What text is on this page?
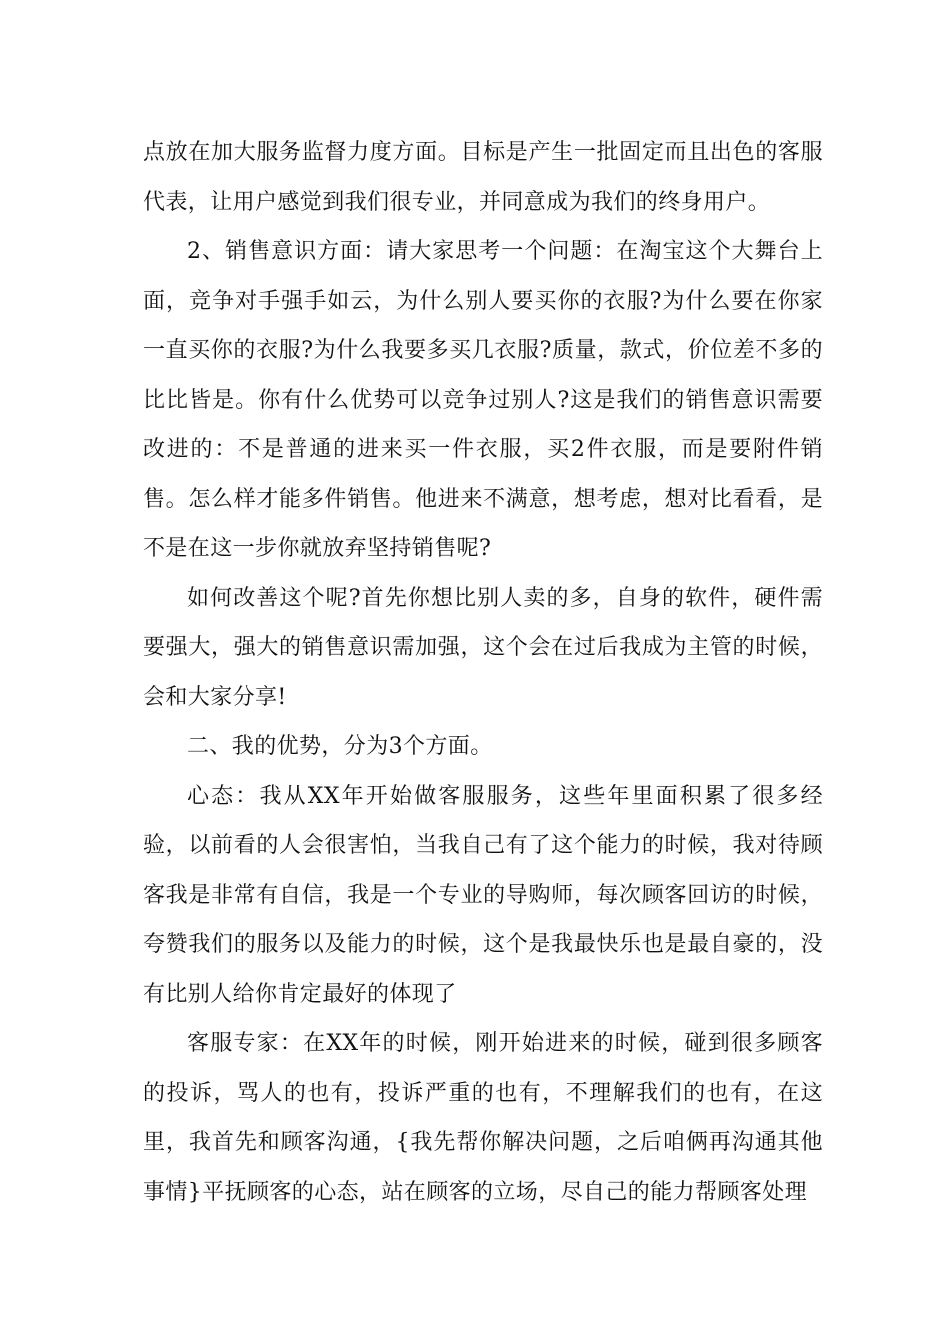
点放在加大服务监督力度方面。目标是产生一批固定而且出色的客服代表，让用户感觉到我们很专业，并同意成为我们的终身用户。

2、销售意识方面：请大家思考一个问题：在淘宝这个大舞台上面，竞争对手强手如云，为什么别人要买你的衣服?为什么要在你家一直买你的衣服?为什么我要多买几衣服?质量，款式，价位差不多的比比皆是。你有什么优势可以竞争过别人?这是我们的销售意识需要改进的：不是普通的进来买一件衣服，买2件衣服，而是要附件销售。怎么样才能多件销售。他进来不满意，想考虑，想对比看看，是不是在这一步你就放弃坚持销售呢?

如何改善这个呢?首先你想比别人卖的多，自身的软件，硬件需要强大，强大的销售意识需加强，这个会在过后我成为主管的时候，会和大家分享!

二、我的优势，分为3个方面。

心态：我从XX年开始做客服服务，这些年里面积累了很多经验，以前看的人会很害怕，当我自己有了这个能力的时候，我对待顾客我是非常有自信，我是一个专业的导购师，每次顾客回访的时候，夸赞我们的服务以及能力的时候，这个是我最快乐也是最自豪的，没有比别人给你肯定最好的体现了

客服专家：在XX年的时候，刚开始进来的时候，碰到很多顾客的投诉，骂人的也有，投诉严重的也有，不理解我们的也有，在这里，我首先和顾客沟通，{我先帮你解决问题，之后咱俩再沟通其他事情}平抚顾客的心态，站在顾客的立场，尽自己的能力帮顾客处理
